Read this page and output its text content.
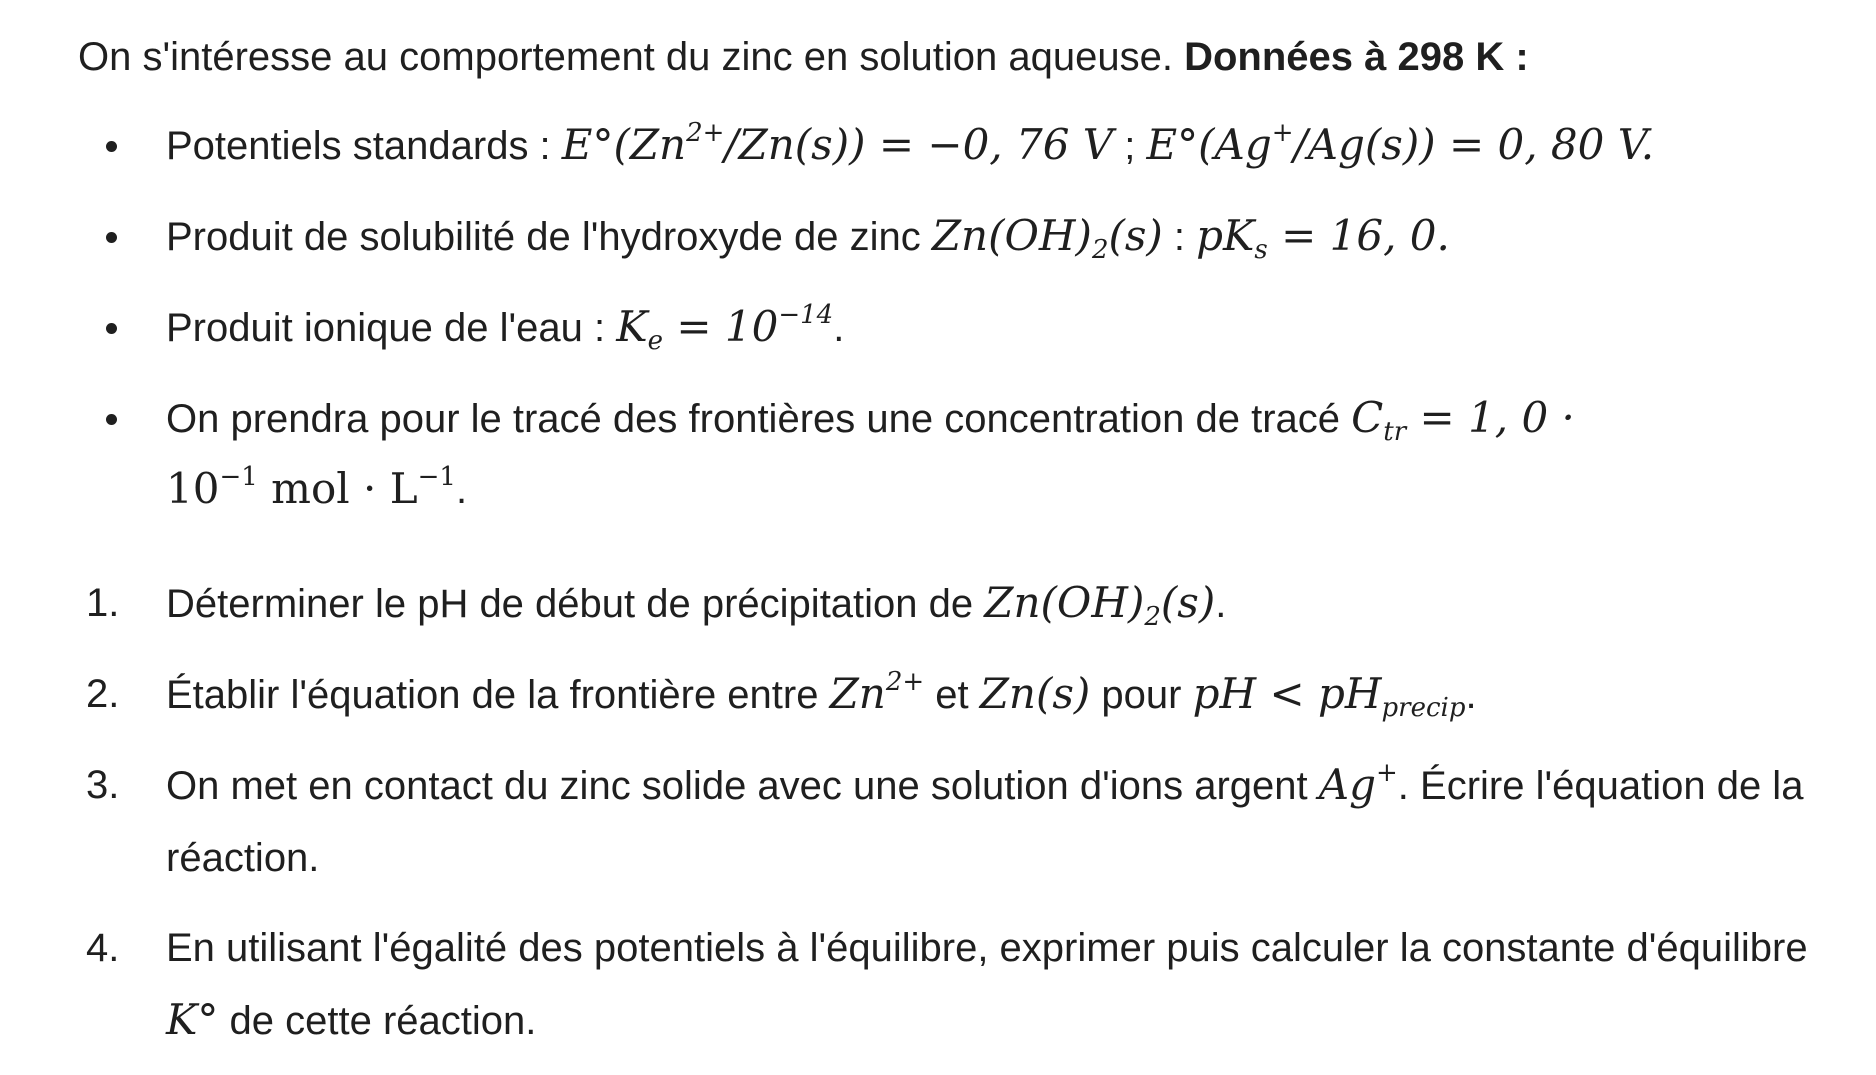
On s'intéresse au comportement du zinc en solution aqueuse. Données à 298 K :

Potentiels standards : $E^\circ(Zn^{2+}/Zn(s)) = -0$, 76 V ; E°(Ag+/Ag(s)) = 0, 80 V.
Produit de solubilité de l'hydroxyde de zinc $Zn(OH)_2(s)$ : $pK_s = 16$, 0.
Produit ionique de l'eau : $K_e = 10^{-14}$.
On prendra pour le tracé des frontières une concentration de tracé $C_{tr} = 1$, 0 ·
$10^{-1}$ mol · $L^{-1}$.
1. Déterminer le pH de début de précipitation de $Zn(OH)_2(s)$.
2. Établir l'équation de la frontière entre $Zn^{2+}$ et Zn(s) pour pH < $pH_{precip}$.
3. On met en contact du zinc solide avec une solution d'ions argent Ag+. Écrire l'équation de la réaction.
4. En utilisant l'égalité des potentiels à l'équilibre, exprimer puis calculer la constante d'équilibre K° de cette réaction.
